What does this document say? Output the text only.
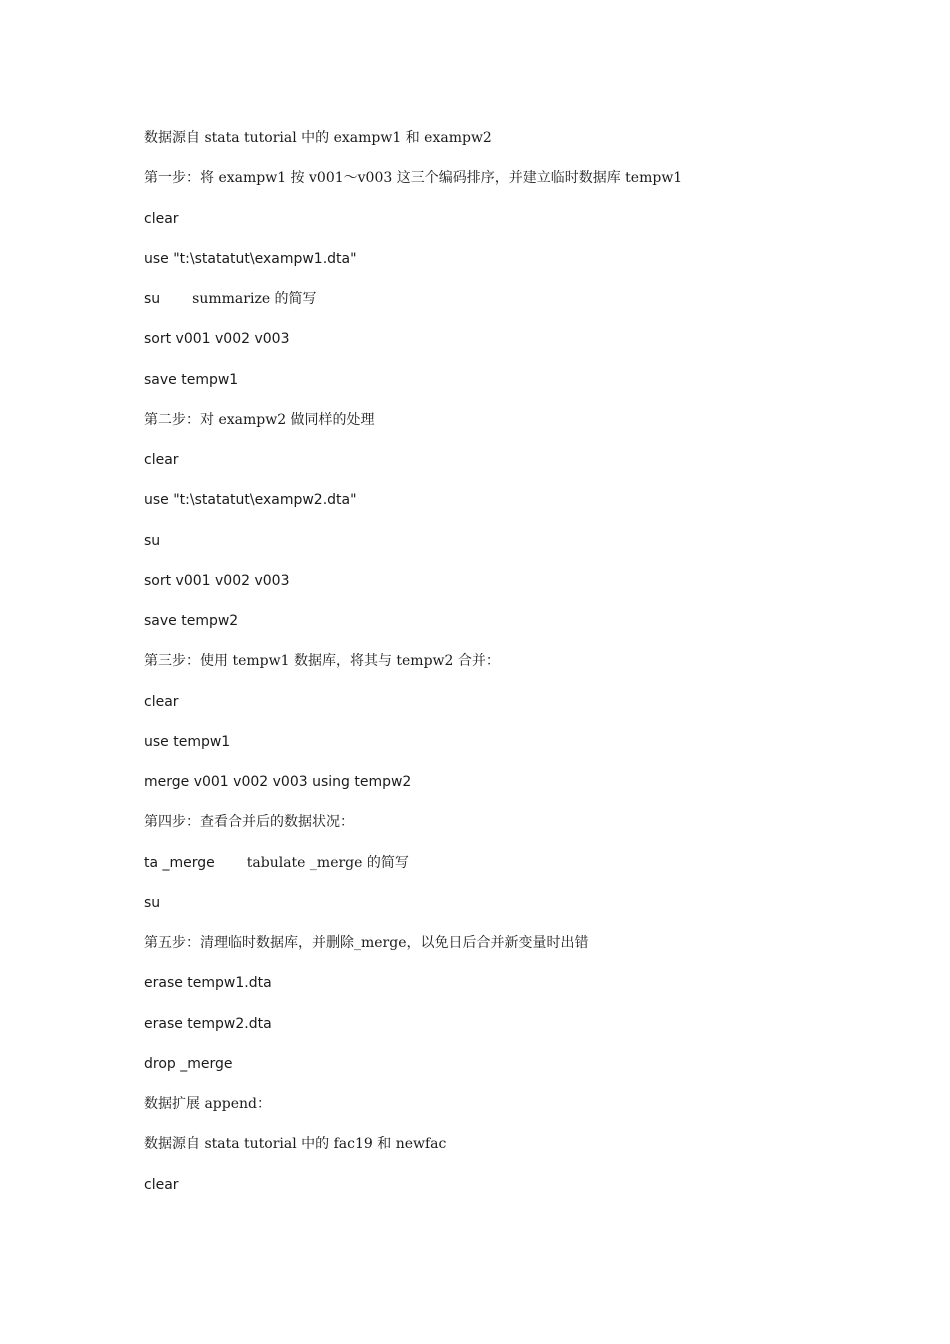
数据源自 stata tutorial 中的 exampw1 和 exampw2
第一步：将 exampw1 按 v001～v003 这三个编码排序，并建立临时数据库 tempw1
clear
use "t:\statatut\exampw1.dta"
su summarize 的简写
sort v001 v002 v003
save tempw1
第二步：对 exampw2 做同样的处理
clear
use "t:\statatut\exampw2.dta"
su
sort v001 v002 v003
save tempw2
第三步：使用 tempw1 数据库，将其与 tempw2 合并：
clear
use tempw1
merge v001 v002 v003 using tempw2
第四步：查看合并后的数据状况：
ta _merge tabulate _merge 的简写
su
第五步：清理临时数据库，并删除_merge，以免日后合并新变量时出错
erase tempw1.dta
erase tempw2.dta
drop _merge
数据扩展 append：
数据源自 stata tutorial 中的 fac19 和 newfac
clear
